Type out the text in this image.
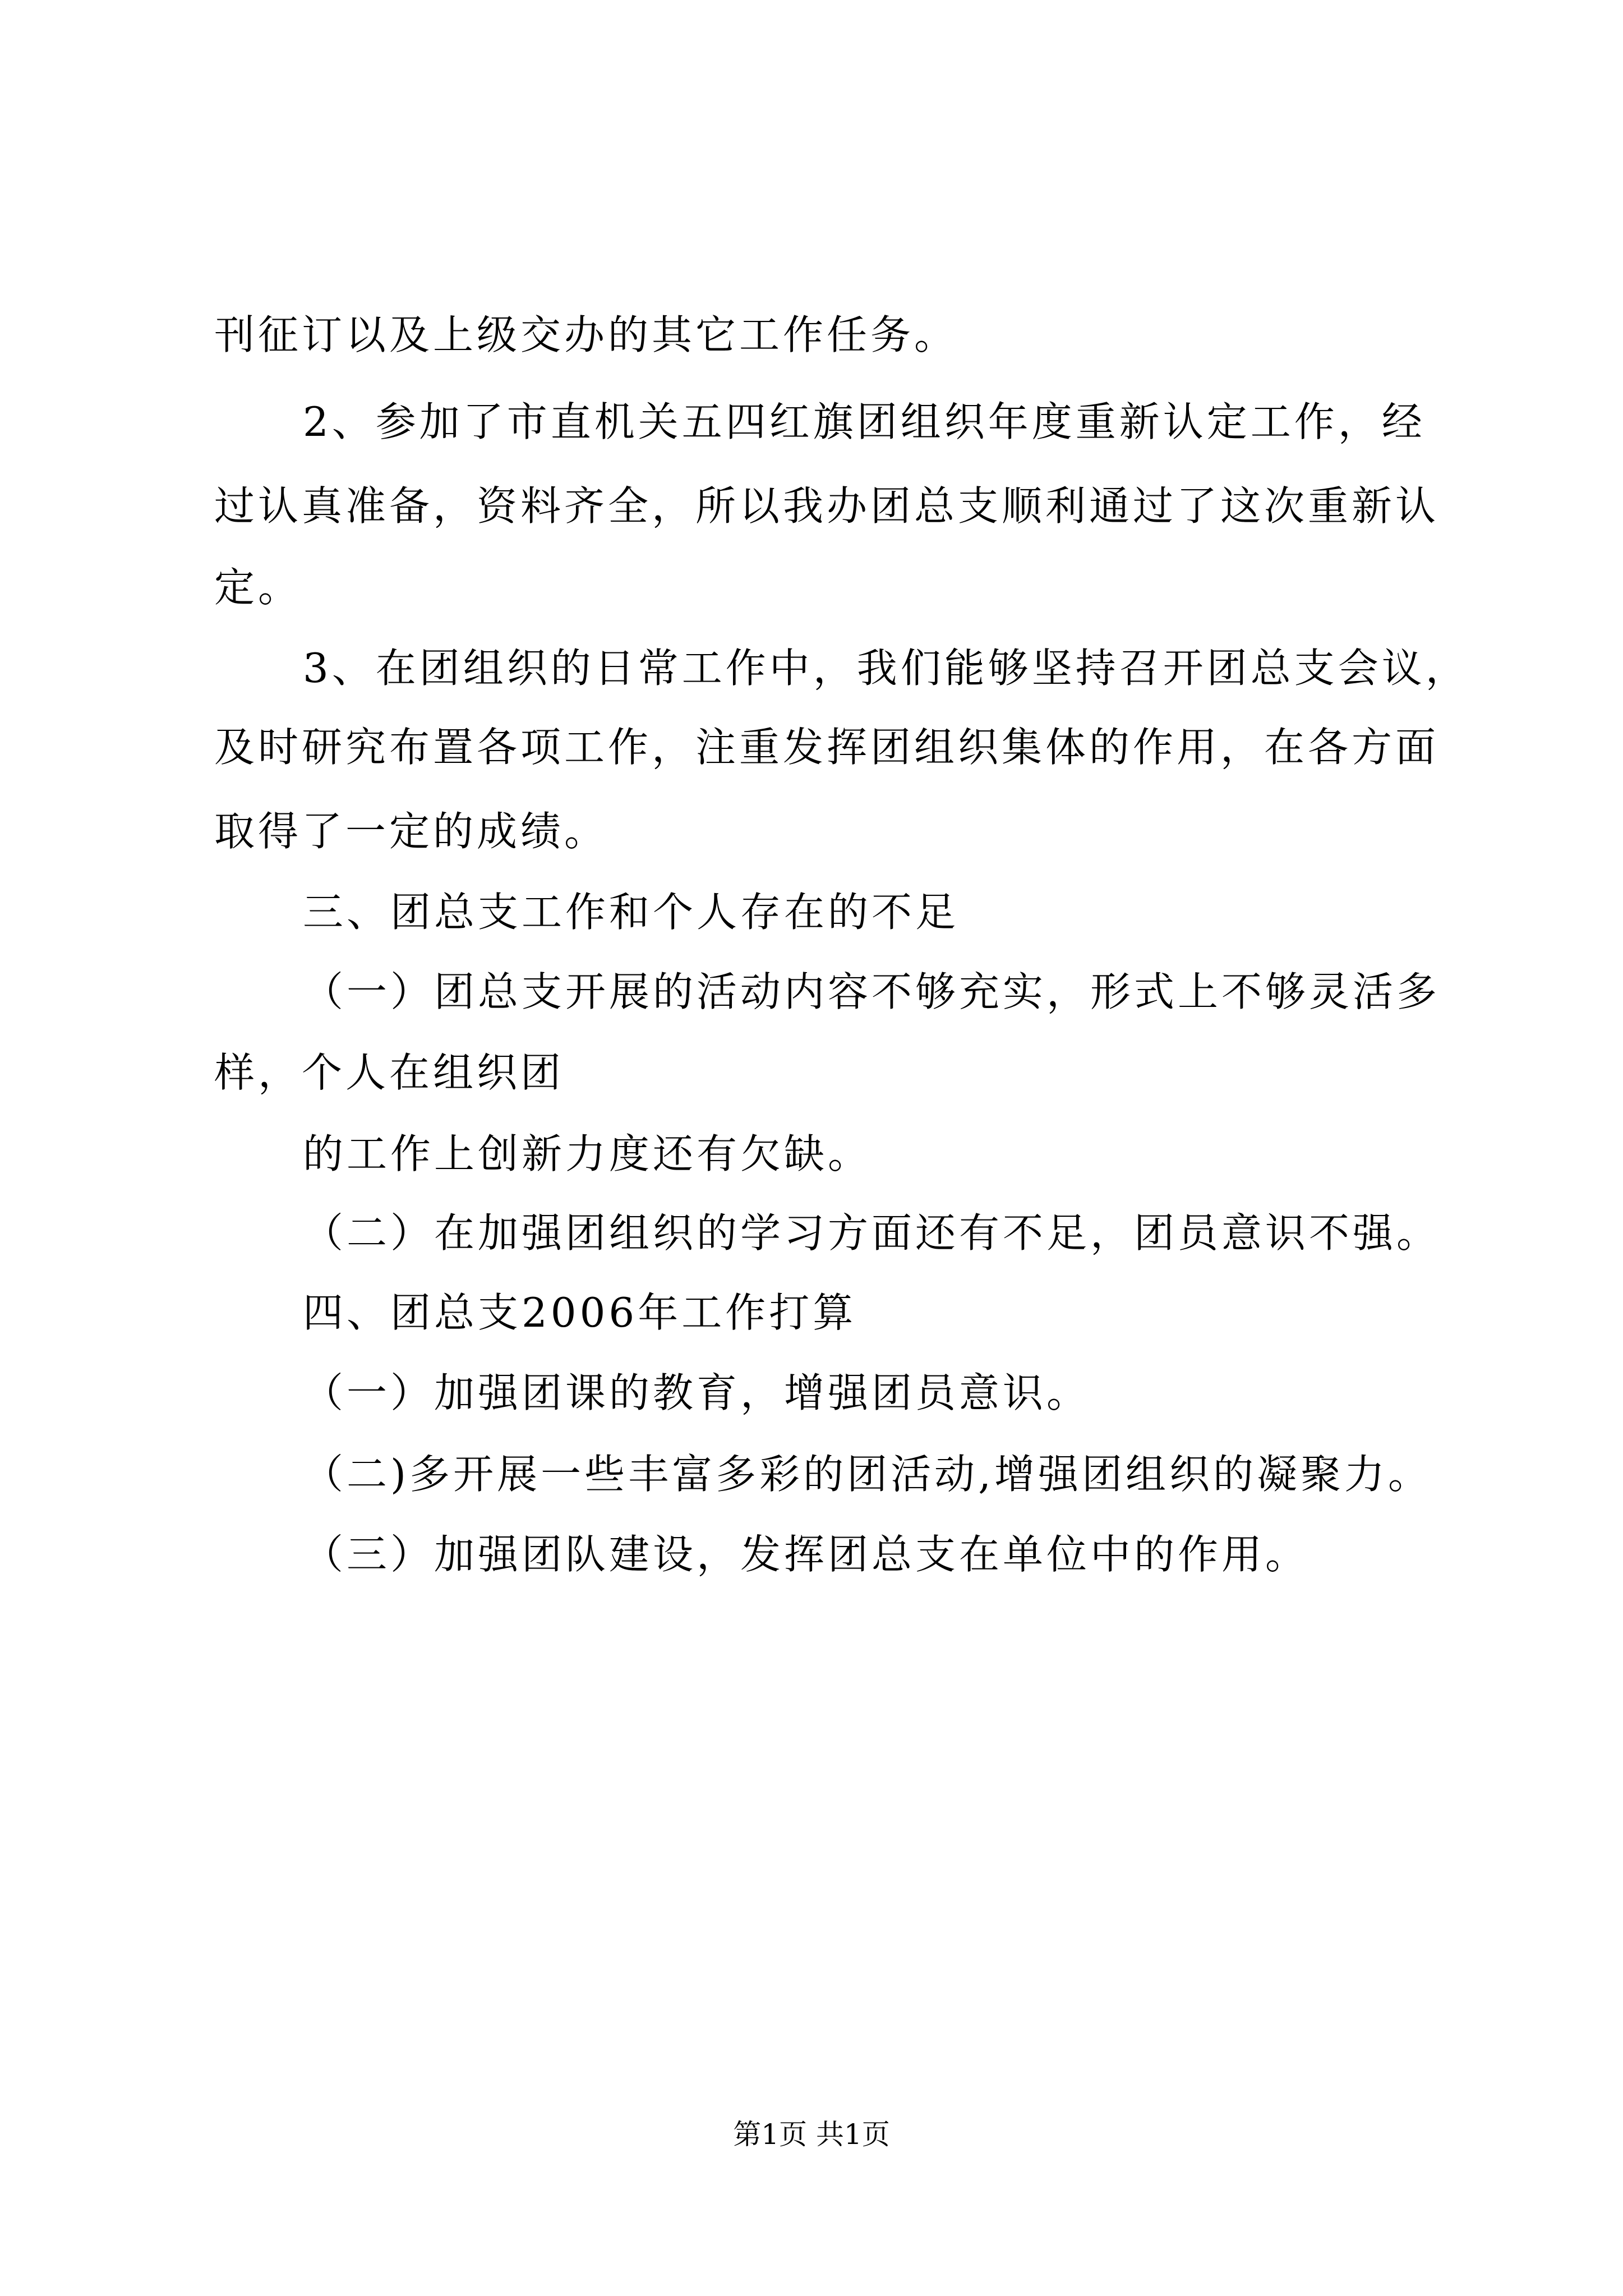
刊征订以及上级交办的其它工作任务。
2、参加了市直机关五四红旗团组织年度重新认定工作，经
过认真准备，资料齐全，所以我办团总支顺利通过了这次重新认
定。
3、在团组织的日常工作中，我们能够坚持召开团总支会议，
及时研究布置各项工作，注重发挥团组织集体的作用，在各方面
取得了一定的成绩。
三、团总支工作和个人存在的不足
（一）团总支开展的活动内容不够充实，形式上不够灵活多
样，个人在组织团
的工作上创新力度还有欠缺。
（二）在加强团组织的学习方面还有不足，团员意识不强。
四、团总支2006年工作打算
（一）加强团课的教育，增强团员意识。
（二)多开展一些丰富多彩的团活动,增强团组织的凝聚力。
（三）加强团队建设，发挥团总支在单位中的作用。
第1页 共1页
